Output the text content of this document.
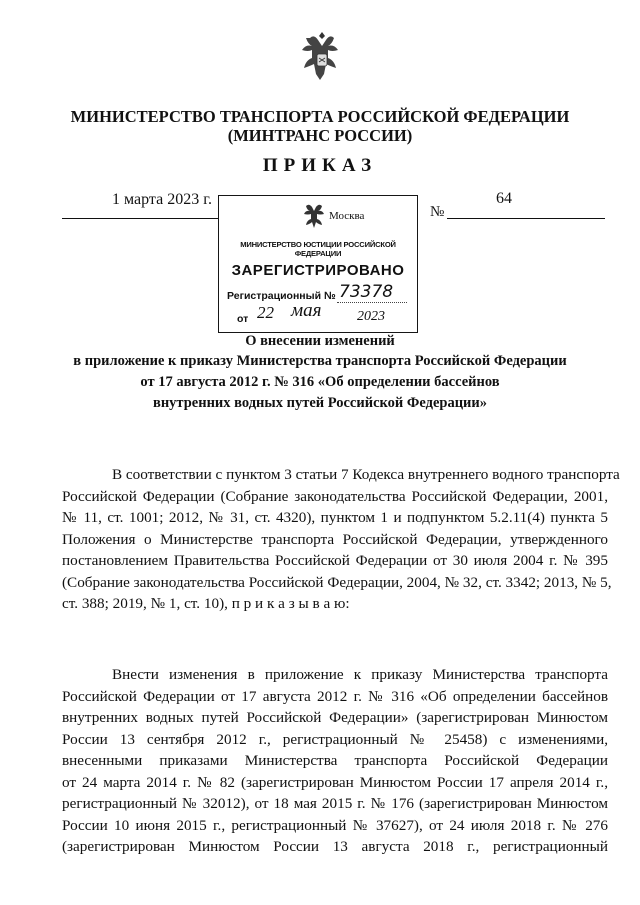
МИНИСТЕРСТВО ТРАНСПОРТА РОССИЙСКОЙ ФЕДЕРАЦИИ
(МИНТРАНС РОССИИ)
ПРИКАЗ
1 марта 2023 г.
№
64
Москва
МИНИСТЕРСТВО ЮСТИЦИИ РОССИЙСКОЙ ФЕДЕРАЦИИ
ЗАРЕГИСТРИРОВАНО
Регистрационный № 73378
от 22 мая	2023
О внесении изменений
в приложение к приказу Министерства транспорта Российской Федерации
от 17 августа 2012 г. № 316 «Об определении бассейнов
внутренних водных путей Российской Федерации»
В соответствии с пунктом 3 статьи 7 Кодекса внутреннего водного транспорта
Российской Федерации (Собрание законодательства Российской Федерации, 2001,
№ 11, ст. 1001; 2012, № 31, ст. 4320), пунктом 1 и подпунктом 5.2.11(4) пункта 5
Положения о Министерстве транспорта Российской Федерации, утвержденного
постановлением Правительства Российской Федерации от 30 июля 2004 г. № 395
(Собрание законодательства Российской Федерации, 2004, № 32, ст. 3342; 2013, № 5,
ст. 388; 2019, № 1, ст. 10), п р и к а з ы в а ю:
Внести изменения в приложение к приказу Министерства транспорта
Российской Федерации от 17 августа 2012 г. № 316 «Об определении бассейнов
внутренних водных путей Российской Федерации» (зарегистрирован Минюстом
России 13 сентября 2012 г., регистрационный № 25458) с изменениями,
внесенными приказами Министерства транспорта Российской Федерации
от 24 марта 2014 г. № 82 (зарегистрирован Минюстом России 17 апреля 2014 г.,
регистрационный № 32012), от 18 мая 2015 г. № 176 (зарегистрирован Минюстом
России 10 июня 2015 г., регистрационный № 37627), от 24 июля 2018 г. № 276
(зарегистрирован Минюстом России 13 августа 2018 г., регистрационный
